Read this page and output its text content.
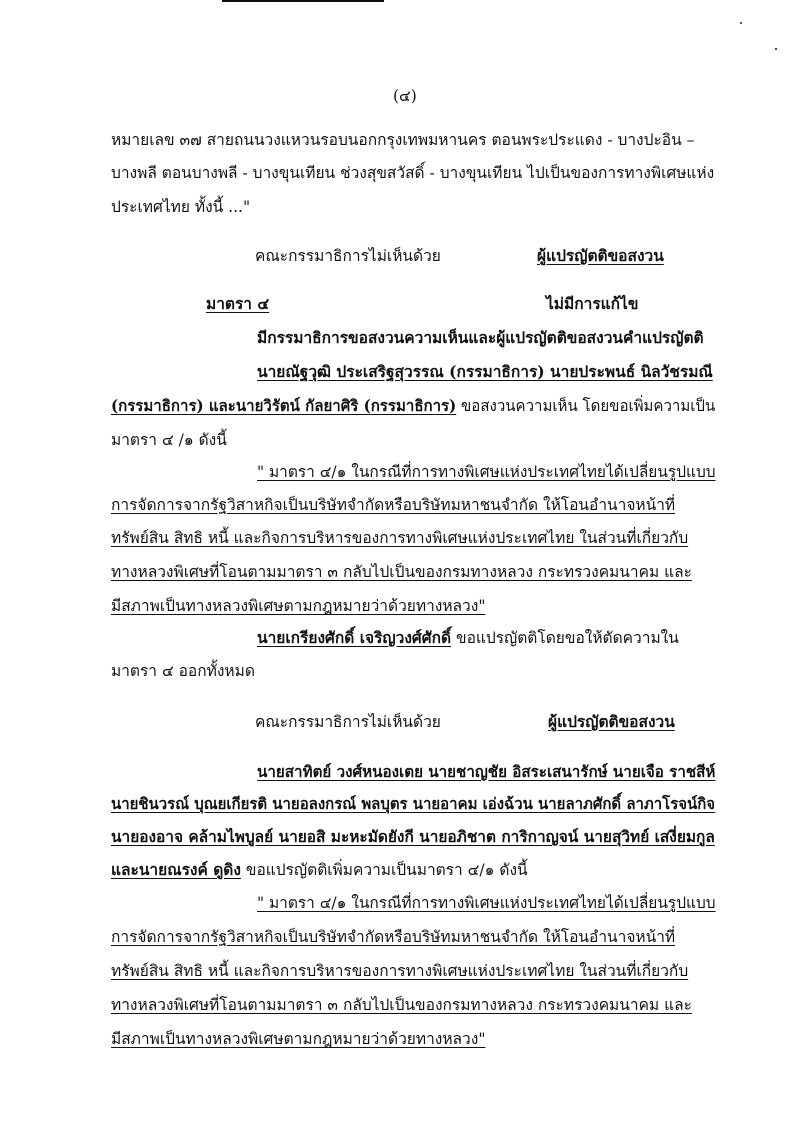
(๔)
หมายเลข ๓๗ สายถนนวงแหวนรอบนอกกรุงเทพมหานคร ตอนพระประแดง - บางปะอิน –
บางพลี ตอนบางพลี - บางขุนเทียน ช่วงสุขสวัสดิ์ - บางขุนเทียน ไปเป็นของการทางพิเศษแห่ง
ประเทศไทย ทั้งนี้ ..."
คณะกรรมาธิการไม่เห็นด้วย	ผู้แปรญัตติขอสงวน
มาตรา ๔	ไม่มีการแก้ไข
มีกรรมาธิการขอสงวนความเห็นและผู้แปรญัตติขอสงวนคำแปรญัตติ
นายณัฐวุฒิ ประเสริฐสุวรรณ (กรรมาธิการ) นายประพนธ์ นิลวัชรมณี
(กรรมาธิการ) และนายวิรัตน์ กัลยาศิริ (กรรมาธิการ) ขอสงวนความเห็น โดยขอเพิ่มความเป็น
มาตรา ๔ /๑ ดังนี้
" มาตรา ๔/๑ ในกรณีที่การทางพิเศษแห่งประเทศไทยได้เปลี่ยนรูปแบบ
การจัดการจากรัฐวิสาหกิจเป็นบริษัทจำกัดหรือบริษัทมหาชนจำกัด ให้โอนอำนาจหน้าที่
ทรัพย์สิน สิทธิ หนี้ และกิจการบริหารของการทางพิเศษแห่งประเทศไทย ในส่วนที่เกี่ยวกับ
ทางหลวงพิเศษที่โอนตามมาตรา ๓ กลับไปเป็นของกรมทางหลวง กระทรวงคมนาคม และ
มีสภาพเป็นทางหลวงพิเศษตามกฎหมายว่าด้วยทางหลวง"
นายเกรียงศักดิ์ เจริญวงศ์ศักดิ์ ขอแปรญัตติโดยขอให้ตัดความใน
มาตรา ๔ ออกทั้งหมด
คณะกรรมาธิการไม่เห็นด้วย	ผู้แปรญัตติขอสงวน
นายสาทิตย์ วงศ์หนองเตย นายชาญชัย อิสระเสนารักษ์ นายเจือ ราชสีห์
นายชินวรณ์ บุณยเกียรติ นายอลงกรณ์ พลบุตร นายอาคม เอ่งฉ้วน นายลาภศักดิ์ ลาภาโรจน์กิจ
นายองอาจ คล้ามไพบูลย์ นายอสิ มะหะมัดยังกี นายอภิชาต การิกาญจน์ นายสุวิทย์ เสงี่ยมกูล
และนายณรงค์ ดูดิง ขอแปรญัตติเพิ่มความเป็นมาตรา ๔/๑ ดังนี้
" มาตรา ๔/๑ ในกรณีที่การทางพิเศษแห่งประเทศไทยได้เปลี่ยนรูปแบบ
การจัดการจากรัฐวิสาหกิจเป็นบริษัทจำกัดหรือบริษัทมหาชนจำกัด ให้โอนอำนาจหน้าที่
ทรัพย์สิน สิทธิ หนี้ และกิจการบริหารของการทางพิเศษแห่งประเทศไทย ในส่วนที่เกี่ยวกับ
ทางหลวงพิเศษที่โอนตามมาตรา ๓ กลับไปเป็นของกรมทางหลวง กระทรวงคมนาคม และ
มีสภาพเป็นทางหลวงพิเศษตามกฎหมายว่าด้วยทางหลวง"
